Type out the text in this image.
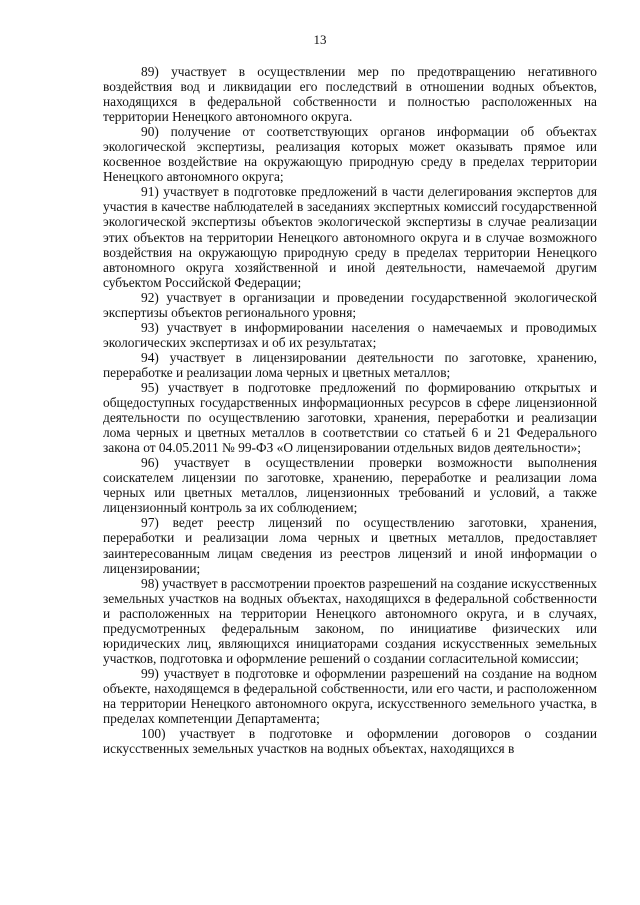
13

89) участвует в осуществлении мер по предотвращению негативного воздействия вод и ликвидации его последствий в отношении водных объектов, находящихся в федеральной собственности и полностью расположенных на территории Ненецкого автономного округа.

90) получение от соответствующих органов информации об объектах экологической экспертизы, реализация которых может оказывать прямое или косвенное воздействие на окружающую природную среду в пределах территории Ненецкого автономного округа;

91) участвует в подготовке предложений в части делегирования экспертов для участия в качестве наблюдателей в заседаниях экспертных комиссий государственной экологической экспертизы объектов экологической экспертизы в случае реализации этих объектов на территории Ненецкого автономного округа и в случае возможного воздействия на окружающую природную среду в пределах территории Ненецкого автономного округа хозяйственной и иной деятельности, намечаемой другим субъектом Российской Федерации;

92) участвует в организации и проведении государственной экологической экспертизы объектов регионального уровня;

93) участвует в информировании населения о намечаемых и проводимых экологических экспертизах и об их результатах;

94) участвует в лицензировании деятельности по заготовке, хранению, переработке и реализации лома черных и цветных металлов;

95) участвует в подготовке предложений по формированию открытых и общедоступных государственных информационных ресурсов в сфере лицензионной деятельности по осуществлению заготовки, хранения, переработки и реализации лома черных и цветных металлов в соответствии со статьей 6 и 21 Федерального закона от 04.05.2011 № 99-ФЗ «О лицензировании отдельных видов деятельности»;

96) участвует в осуществлении проверки возможности выполнения соискателем лицензии по заготовке, хранению, переработке и реализации лома черных или цветных металлов, лицензионных требований и условий, а также лицензионный контроль за их соблюдением;

97) ведет реестр лицензий по осуществлению заготовки, хранения, переработки и реализации лома черных и цветных металлов, предоставляет заинтересованным лицам сведения из реестров лицензий и иной информации о лицензировании;

98) участвует в рассмотрении проектов разрешений на создание искусственных земельных участков на водных объектах, находящихся в федеральной собственности и расположенных на территории Ненецкого автономного округа, и в случаях, предусмотренных федеральным законом, по инициативе физических или юридических лиц, являющихся инициаторами создания искусственных земельных участков, подготовка и оформление решений о создании согласительной комиссии;

99) участвует в подготовке и оформлении разрешений на создание на водном объекте, находящемся в федеральной собственности, или его части, и расположенном на территории Ненецкого автономного округа, искусственного земельного участка, в пределах компетенции Департамента;

100) участвует в подготовке и оформлении договоров о создании искусственных земельных участков на водных объектах, находящихся в
